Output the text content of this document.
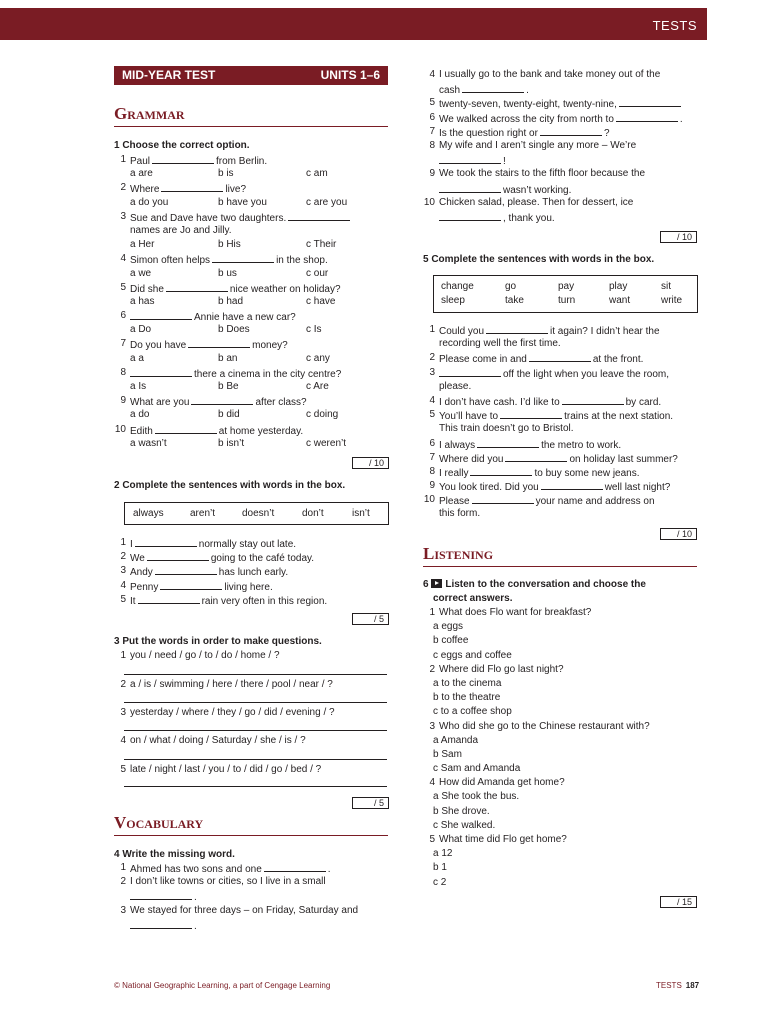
TESTS
MID-YEAR TEST	UNITS 1–6
Grammar
1 Choose the correct option.
1 Paul	from Berlin.
a are	b is	c am
2 Where	live?
a do you	b have you	c are you
3 Sue and Dave have two daughters.
names are Jo and Jilly.
a Her	b His	c Their
4 Simon often helps	in the shop.
a we	b us	c our
5 Did she	nice weather on holiday?
a has	b had	c have
6	Annie have a new car?
a Do	b Does	c Is
7 Do you have	money?
a a	b an	c any
8	there a cinema in the city centre?
a Is	b Be	c Are
9 What are you	after class?
a do	b did	c doing
10 Edith	at home yesterday.
a wasn’t	b isn’t	c weren’t
/ 10
2 Complete the sentences with words in the box.
always	aren’t	doesn’t	don’t	isn’t
1 I	normally stay out late.
2 We	going to the café today.
3 Andy	has lunch early.
4 Penny	living here.
5 It	rain very often in this region.
/ 5
3 Put the words in order to make questions.
1 you / need / go / to / do / home / ?
2 a / is / swimming / here / there / pool / near / ?
3 yesterday / where / they / go / did / evening / ?
4 on / what / doing / Saturday / she / is / ?
5 late / night / last / you / to / did / go / bed / ?
/ 5
Vocabulary
4 Write the missing word.
1 Ahmed has two sons and one	.
2 I don’t like towns or cities, so I live in a small
.
3 We stayed for three days – on Friday, Saturday and
.
4 I usually go to the bank and take money out of the
cash	.
5 twenty-seven, twenty-eight, twenty-nine,
6 We walked across the city from north to	.
7 Is the question right or	?
8 My wife and I aren’t single any more – We’re
!
9 We took the stairs to the fifth floor because the
wasn’t working.
10 Chicken salad, please. Then for dessert, ice
, thank you.
/ 10
5 Complete the sentences with words in the box.
change	go	pay	play	sit
sleep	take	turn	want	write
1 Could you	it again? I didn’t hear the
recording well the first time.
2 Please come in and	at the front.
3	off the light when you leave the room,
please.
4 I don’t have cash. I’d like to	by card.
5 You’ll have to	trains at the next station.
This train doesn’t go to Bristol.
6 I always	the metro to work.
7 Where did you	on holiday last summer?
8 I really	to buy some new jeans.
9 You look tired. Did you	well last night?
10 Please	your name and address on
this form.
/ 10
Listening
6 Listen to the conversation and choose the
correct answers.
1 What does Flo want for breakfast?
a eggs
b coffee
c eggs and coffee
2 Where did Flo go last night?
a to the cinema
b to the theatre
c to a coffee shop
3 Who did she go to the Chinese restaurant with?
a Amanda
b Sam
c Sam and Amanda
4 How did Amanda get home?
a She took the bus.
b She drove.
c She walked.
5 What time did Flo get home?
a 12
b 1
c 2
/ 15
© National Geographic Learning, a part of Cengage Learning	TESTS 187
